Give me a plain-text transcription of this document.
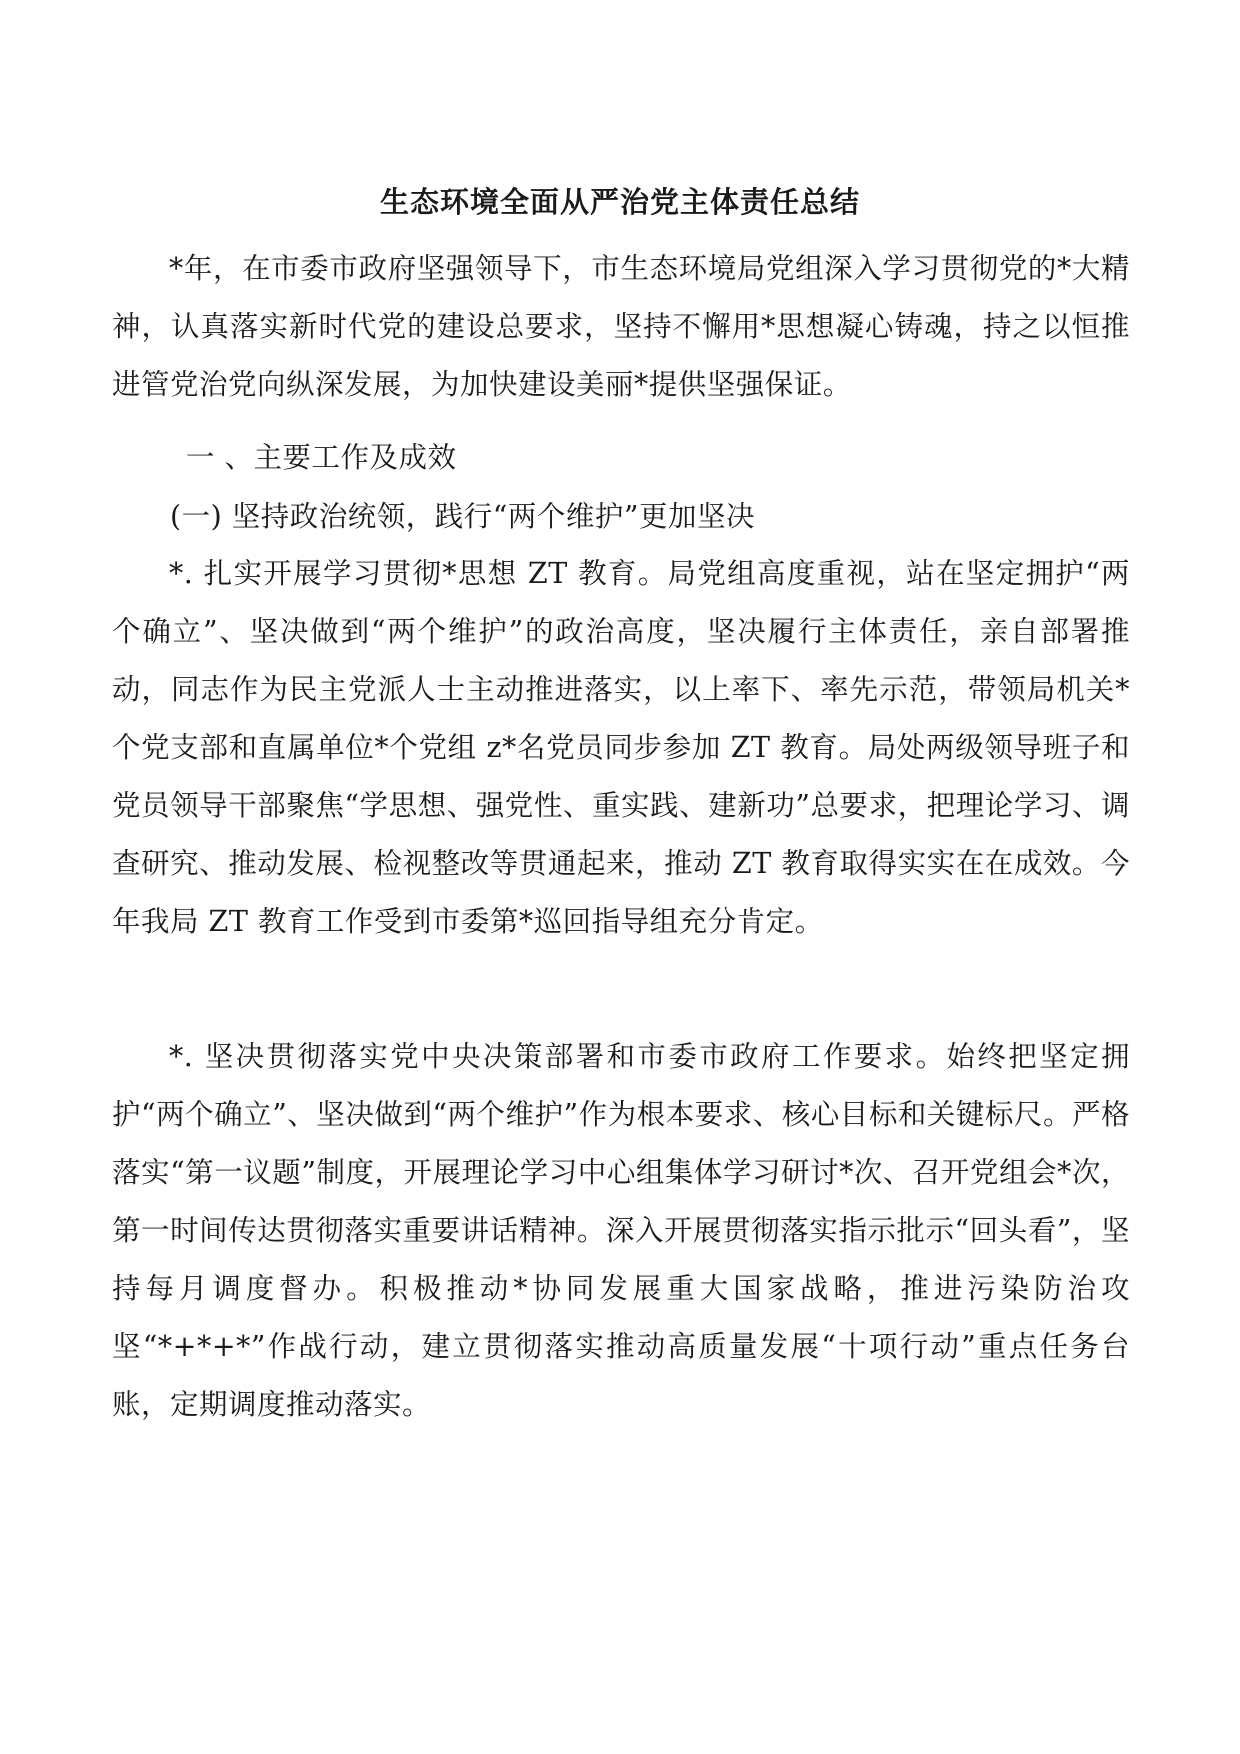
生态环境全面从严治党主体责任总结
*年，在市委市政府坚强领导下，市生态环境局党组深入学习贯彻党的*大精神，认真落实新时代党的建设总要求，坚持不懈用*思想凝心铸魂，持之以恒推进管党治党向纵深发展，为加快建设美丽*提供坚强保证。
一 、主要工作及成效
(一) 坚持政治统领，践行“两个维护”更加坚决
*. 扎实开展学习贯彻*思想 ZT 教育。局党组高度重视，站在坚定拥护“两个确立”、坚决做到“两个维护”的政治高度，坚决履行主体责任，亲自部署推动，同志作为民主党派人士主动推进落实，以上率下、率先示范，带领局机关*个党支部和直属单位*个党组 z*名党员同步参加 ZT 教育。局处两级领导班子和党员领导干部聚焦“学思想、强党性、重实践、建新功”总要求，把理论学习、调查研究、推动发展、检视整改等贯通起来，推动 ZT 教育取得实实在在成效。今年我局 ZT 教育工作受到市委第*巡回指导组充分肯定。
*. 坚决贯彻落实党中央决策部署和市委市政府工作要求。始终把坚定拥护“两个确立”、坚决做到“两个维护”作为根本要求、核心目标和关键标尺。严格落实“第一议题”制度，开展理论学习中心组集体学习研讨*次、召开党组会*次，第一时间传达贯彻落实重要讲话精神。深入开展贯彻落实指示批示“回头看”，坚持每月调度督办。积极推动*协同发展重大国家战略，推进污染防治攻坚“*+*+*”作战行动，建立贯彻落实推动高质量发展“十项行动”重点任务台账，定期调度推动落实。
